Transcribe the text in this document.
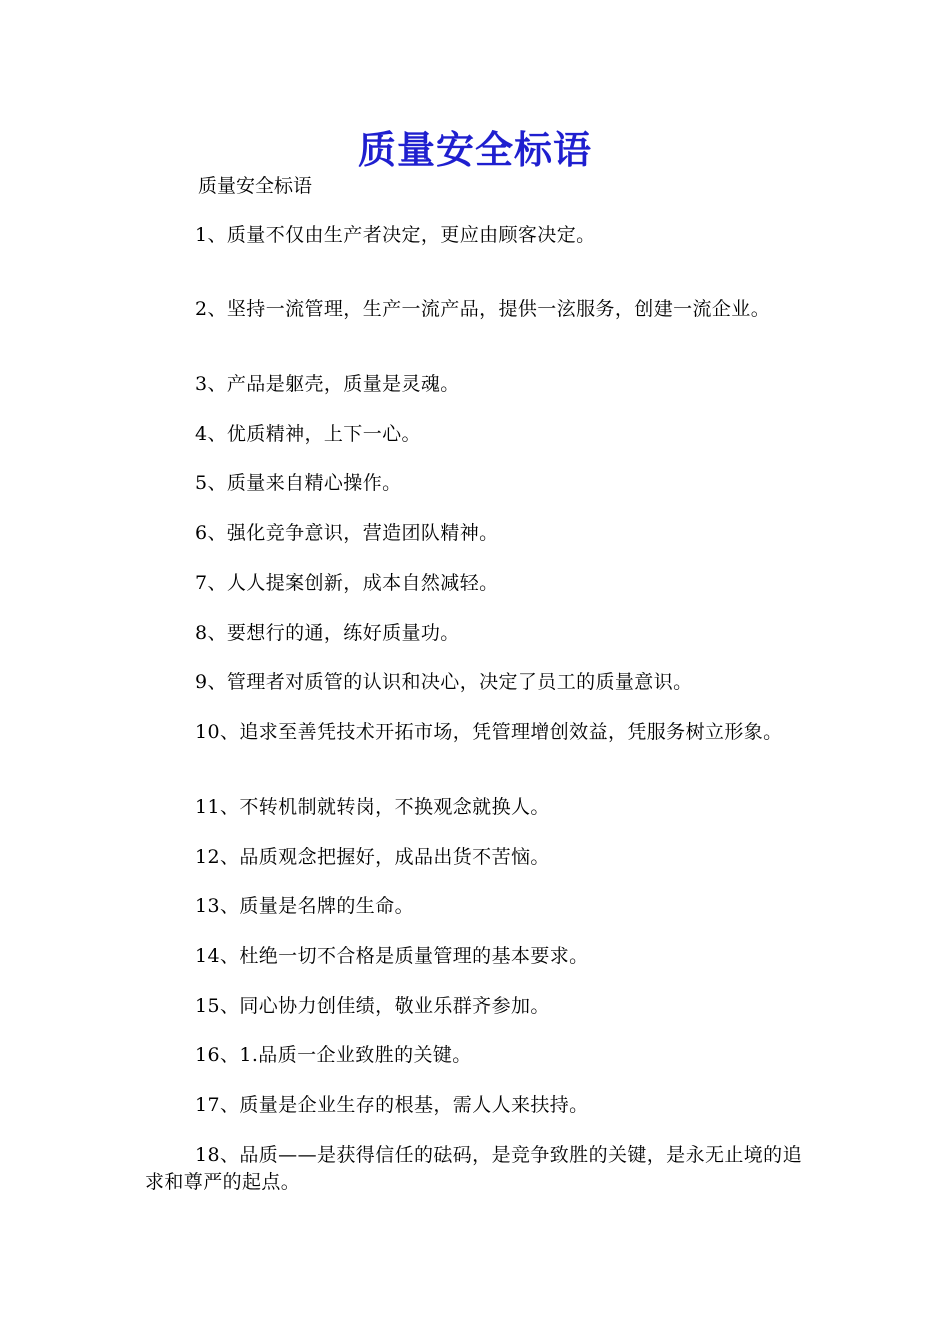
质量安全标语
质量安全标语
1、质量不仅由生产者决定，更应由顾客决定。
2、坚持一流管理，生产一流产品，提供一泫服务，创建一流企业。
3、产品是躯壳，质量是灵魂。
4、优质精神，上下一心。
5、质量来自精心操作。
6、强化竞争意识，营造团队精神。
7、人人提案创新，成本自然减轻。
8、要想行的通，练好质量功。
9、管理者对质管的认识和决心，决定了员工的质量意识。
10、追求至善凭技术开拓市场，凭管理增创效益，凭服务树立形象。
11、不转机制就转岗，不换观念就换人。
12、品质观念把握好，成品出货不苦恼。
13、质量是名牌的生命。
14、杜绝一切不合格是质量管理的基本要求。
15、同心协力创佳绩，敬业乐群齐参加。
16、1.品质一企业致胜的关键。
17、质量是企业生存的根基，需人人来扶持。
18、品质——是获得信任的砝码，是竞争致胜的关键，是永无止境的追求和尊严的起点。
